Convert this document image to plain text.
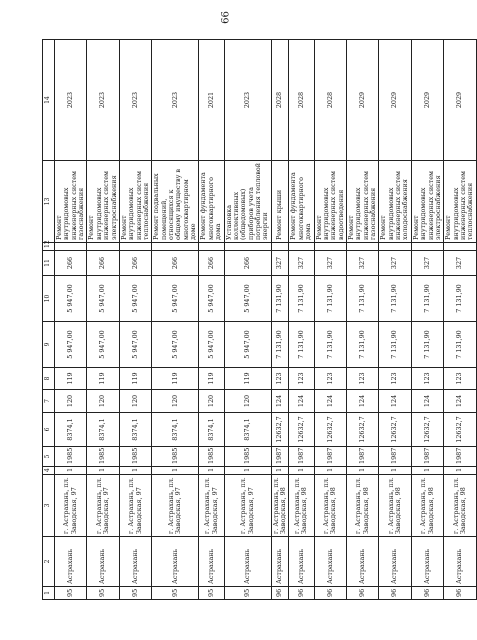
66
1	2	3	4	5	6	7	8	9	10	11	12	13	14
95	Астрахань	г. Астрахань, пл. Заводская, 97	1	1985	8374,1	120	119	5 947,00	5 947,00	266		Ремонт внутридомовых инженерных систем газоснабжения	2023
95	Астрахань	г. Астрахань, пл. Заводская, 97	1	1985	8374,1	120	119	5 947,00	5 947,00	266		Ремонт внутридомовых инженерных систем электроснабжения	2023
95	Астрахань	г. Астрахань, пл. Заводская, 97	1	1985	8374,1	120	119	5 947,00	5 947,00	266		Ремонт внутридомовых инженерных систем теплоснабжения	2023
95	Астрахань	г. Астрахань, пл. Заводская, 97	1	1985	8374,1	120	119	5 947,00	5 947,00	266		Ремонт подвальных помещений, относящихся к общему имуществу в многоквартирном доме	2023
95	Астрахань	г. Астрахань, пл. Заводская, 97	1	1985	8374,1	120	119	5 947,00	5 947,00	266		Ремонт фундамента многоквартирного дома	2021
95	Астрахань	г. Астрахань, пл. Заводская, 97	1	1985	8374,1	120	119	5 947,00	5 947,00	266		Установка коллективных (общедомовых) приборов учета потребления тепловой энергии	2023
96	Астрахань	г. Астрахань, пл. Заводская, 98	1	1987	12632,7	124	123	7 131,90	7 131,90	327		Ремонт крыши	2028
96	Астрахань	г. Астрахань, пл. Заводская, 98	1	1987	12632,7	124	123	7 131,90	7 131,90	327		Ремонт фундамента многоквартирного дома	2028
96	Астрахань	г. Астрахань, пл. Заводская, 98	1	1987	12632,7	124	123	7 131,90	7 131,90	327		Ремонт внутридомовых инженерных систем водоотведения	2028
96	Астрахань	г. Астрахань, пл. Заводская, 98	1	1987	12632,7	124	123	7 131,90	7 131,90	327		Ремонт внутридомовых инженерных систем газоснабжения	2029
96	Астрахань	г. Астрахань, пл. Заводская, 98	1	1987	12632,7	124	123	7 131,90	7 131,90	327		Ремонт внутридомовых инженерных систем холодоснабжения	2029
96	Астрахань	г. Астрахань, пл. Заводская, 98	1	1987	12632,7	124	123	7 131,90	7 131,90	327		Ремонт внутридомовых инженерных систем электроснабжения	2029
96	Астрахань	г. Астрахань, пл. Заводская, 98	1	1987	12632,7	124	123	7 131,90	7 131,90	327		Ремонт внутридомовых инженерных систем теплоснабжения	2029
